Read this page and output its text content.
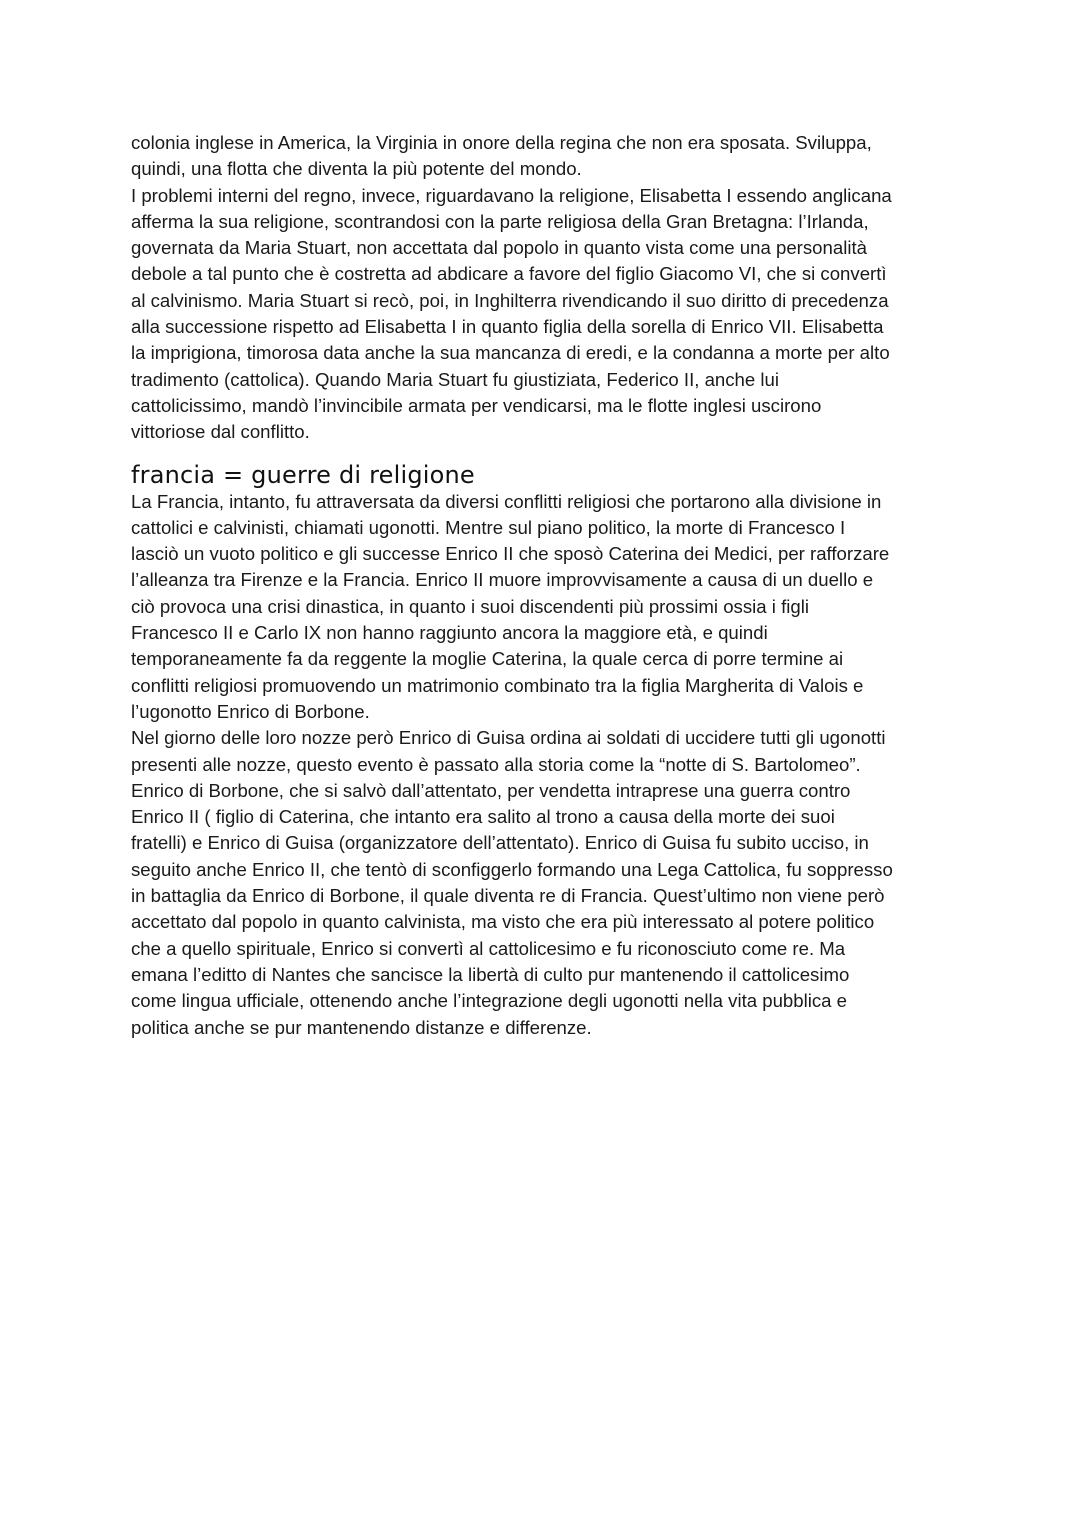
colonia inglese in America, la Virginia in onore della regina che non era sposata. Sviluppa,
quindi, una flotta che diventa la più potente del mondo.
I problemi interni del regno, invece, riguardavano la religione, Elisabetta I essendo anglicana
afferma la sua religione, scontrandosi con la parte religiosa della Gran Bretagna: l’Irlanda,
governata da Maria Stuart, non accettata dal popolo in quanto vista come una personalità
debole a tal punto che è costretta ad abdicare a favore del figlio Giacomo VI, che si convertì
al calvinismo. Maria Stuart si recò, poi, in Inghilterra rivendicando il suo diritto di precedenza
alla successione rispetto ad Elisabetta I in quanto figlia della sorella di Enrico VII. Elisabetta
la imprigiona, timorosa data anche la sua mancanza di eredi, e la condanna a morte per alto
tradimento (cattolica). Quando Maria Stuart fu giustiziata, Federico II, anche lui
cattolicissimo, mandò l’invincibile armata per vendicarsi, ma le flotte inglesi uscirono
vittoriose dal conflitto.
francia = guerre di religione
La Francia, intanto, fu attraversata da diversi conflitti religiosi che portarono alla divisione in
cattolici e calvinisti, chiamati ugonotti. Mentre sul piano politico, la morte di Francesco I
lasciò un vuoto politico e gli successe Enrico II che sposò Caterina dei Medici, per rafforzare
l’alleanza tra Firenze e la Francia. Enrico II muore improvvisamente a causa di un duello e
ciò provoca una crisi dinastica, in quanto i suoi discendenti più prossimi ossia i figli
Francesco II e Carlo IX non hanno raggiunto ancora la maggiore età, e quindi
temporaneamente fa da reggente la moglie Caterina, la quale cerca di porre termine ai
conflitti religiosi promuovendo un matrimonio combinato tra la figlia Margherita di Valois e
l’ugonotto Enrico di Borbone.
Nel giorno delle loro nozze però Enrico di Guisa ordina ai soldati di uccidere tutti gli ugonotti
presenti alle nozze, questo evento è passato alla storia come la “notte di S. Bartolomeo”.
Enrico di Borbone, che si salvò dall’attentato, per vendetta intraprese una guerra contro
Enrico II ( figlio di Caterina, che intanto era salito al trono a causa della morte dei suoi
fratelli) e Enrico di Guisa (organizzatore dell’attentato). Enrico di Guisa fu subito ucciso, in
seguito anche Enrico II, che tentò di sconfiggerlo formando una Lega Cattolica, fu soppresso
in battaglia da Enrico di Borbone, il quale diventa re di Francia. Quest’ultimo non viene però
accettato dal popolo in quanto calvinista, ma visto che era più interessato al potere politico
che a quello spirituale, Enrico si convertì al cattolicesimo e fu riconosciuto come re. Ma
emana l’editto di Nantes che sancisce la libertà di culto pur mantenendo il cattolicesimo
come lingua ufficiale, ottenendo anche l’integrazione degli ugonotti nella vita pubblica e
politica anche se pur mantenendo distanze e differenze.
